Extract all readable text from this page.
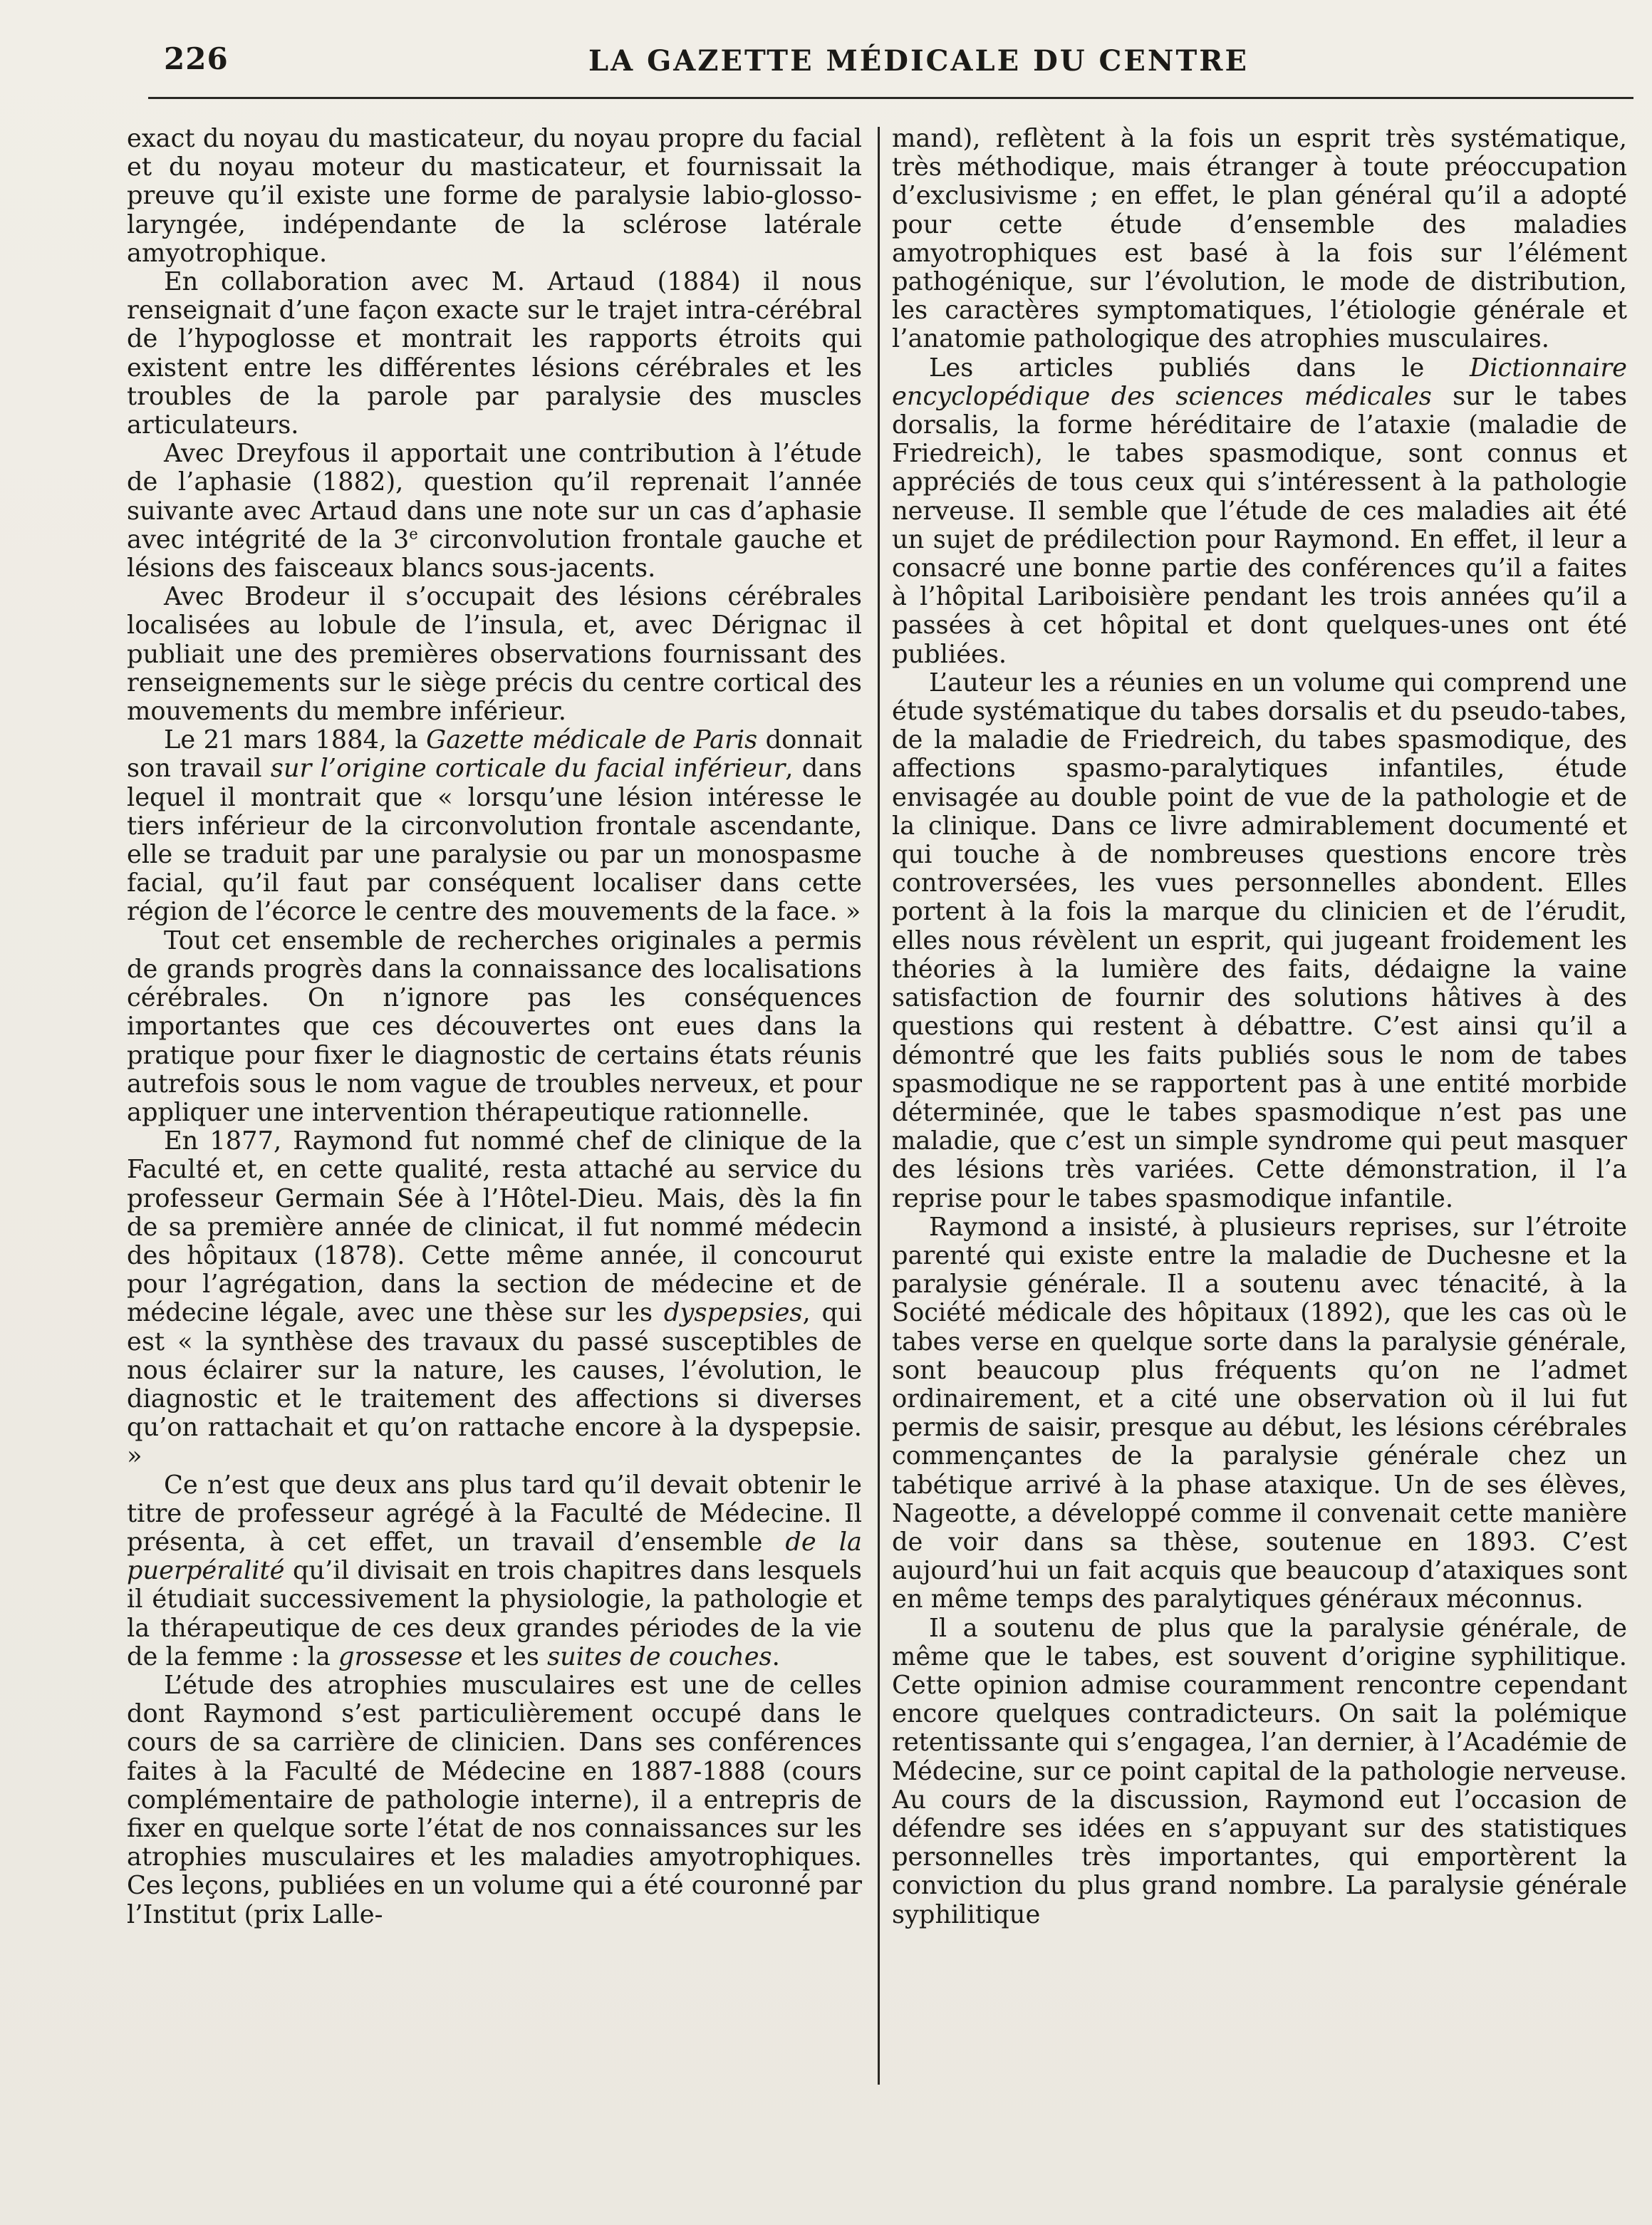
226	LA GAZETTE MÉDICALE DU CENTRE

exact du noyau du masticateur, du noyau propre du facial et du noyau moteur du masticateur, et fournissait la preuve qu’il existe une forme de paralysie labio-glosso-laryngée, indépendante de la sclérose latérale amyotrophique.

En collaboration avec M. Artaud (1884) il nous renseignait d’une façon exacte sur le trajet intra-cérébral de l’hypoglosse et montrait les rapports étroits qui existent entre les différentes lésions cérébrales et les troubles de la parole par paralysie des muscles articulateurs.

Avec Dreyfous il apportait une contribution à l’étude de l’aphasie (1882), question qu’il reprenait l’année suivante avec Artaud dans une note sur un cas d’aphasie avec intégrité de la 3e circonvolution frontale gauche et lésions des faisceaux blancs sous-jacents.

Avec Brodeur il s’occupait des lésions cérébrales localisées au lobule de l’insula, et, avec Dérignac il publiait une des premières observations fournissant des renseignements sur le siège précis du centre cortical des mouvements du membre inférieur.

Le 21 mars 1884, la Gazette médicale de Paris donnait son travail sur l’origine corticale du facial inférieur, dans lequel il montrait que « lorsqu’une lésion intéresse le tiers inférieur de la circonvolution frontale ascendante, elle se traduit par une paralysie ou par un monospasme facial, qu’il faut par conséquent localiser dans cette région de l’écorce le centre des mouvements de la face. »

Tout cet ensemble de recherches originales a permis de grands progrès dans la connaissance des localisations cérébrales. On n’ignore pas les conséquences importantes que ces découvertes ont eues dans la pratique pour fixer le diagnostic de certains états réunis autrefois sous le nom vague de troubles nerveux, et pour appliquer une intervention thérapeutique rationnelle.

En 1877, Raymond fut nommé chef de clinique de la Faculté et, en cette qualité, resta attaché au service du professeur Germain Sée à l’Hôtel-Dieu. Mais, dès la fin de sa première année de clinicat, il fut nommé médecin des hôpitaux (1878). Cette même année, il concourut pour l’agrégation, dans la section de médecine et de médecine légale, avec une thèse sur les dyspepsies, qui est « la synthèse des travaux du passé susceptibles de nous éclairer sur la nature, les causes, l’évolution, le diagnostic et le traitement des affections si diverses qu’on rattachait et qu’on rattache encore à la dyspepsie. »

Ce n’est que deux ans plus tard qu’il devait obtenir le titre de professeur agrégé à la Faculté de Médecine. Il présenta, à cet effet, un travail d’ensemble de la puerpéralité qu’il divisait en trois chapitres dans lesquels il étudiait successivement la physiologie, la pathologie et la thérapeutique de ces deux grandes périodes de la vie de la femme : la grossesse et les suites de couches.

L’étude des atrophies musculaires est une de celles dont Raymond s’est particulièrement occupé dans le cours de sa carrière de clinicien. Dans ses conférences faites à la Faculté de Médecine en 1887-1888 (cours complémentaire de pathologie interne), il a entrepris de fixer en quelque sorte l’état de nos connaissances sur les atrophies musculaires et les maladies amyotrophiques. Ces leçons, publiées en un volume qui a été couronné par l’Institut (prix Lalle-

mand), reflètent à la fois un esprit très systématique, très méthodique, mais étranger à toute préoccupation d’exclusivisme ; en effet, le plan général qu’il a adopté pour cette étude d’ensemble des maladies amyotrophiques est basé à la fois sur l’élément pathogénique, sur l’évolution, le mode de distribution, les caractères symptomatiques, l’étiologie générale et l’anatomie pathologique des atrophies musculaires.

Les articles publiés dans le Dictionnaire encyclopédique des sciences médicales sur le tabes dorsalis, la forme héréditaire de l’ataxie (maladie de Friedreich), le tabes spasmodique, sont connus et appréciés de tous ceux qui s’intéressent à la pathologie nerveuse. Il semble que l’étude de ces maladies ait été un sujet de prédilection pour Raymond. En effet, il leur a consacré une bonne partie des conférences qu’il a faites à l’hôpital Lariboisière pendant les trois années qu’il a passées à cet hôpital et dont quelques-unes ont été publiées.

L’auteur les a réunies en un volume qui comprend une étude systématique du tabes dorsalis et du pseudo-tabes, de la maladie de Friedreich, du tabes spasmodique, des affections spasmo-paralytiques infantiles, étude envisagée au double point de vue de la pathologie et de la clinique. Dans ce livre admirablement documenté et qui touche à de nombreuses questions encore très controversées, les vues personnelles abondent. Elles portent à la fois la marque du clinicien et de l’érudit, elles nous révèlent un esprit, qui jugeant froidement les théories à la lumière des faits, dédaigne la vaine satisfaction de fournir des solutions hâtives à des questions qui restent à débattre. C’est ainsi qu’il a démontré que les faits publiés sous le nom de tabes spasmodique ne se rapportent pas à une entité morbide déterminée, que le tabes spasmodique n’est pas une maladie, que c’est un simple syndrome qui peut masquer des lésions très variées. Cette démonstration, il l’a reprise pour le tabes spasmodique infantile.

Raymond a insisté, à plusieurs reprises, sur l’étroite parenté qui existe entre la maladie de Duchesne et la paralysie générale. Il a soutenu avec ténacité, à la Société médicale des hôpitaux (1892), que les cas où le tabes verse en quelque sorte dans la paralysie générale, sont beaucoup plus fréquents qu’on ne l’admet ordinairement, et a cité une observation où il lui fut permis de saisir, presque au début, les lésions cérébrales commençantes de la paralysie générale chez un tabétique arrivé à la phase ataxique. Un de ses élèves, Nageotte, a développé comme il convenait cette manière de voir dans sa thèse, soutenue en 1893. C’est aujourd’hui un fait acquis que beaucoup d’ataxiques sont en même temps des paralytiques généraux méconnus.

Il a soutenu de plus que la paralysie générale, de même que le tabes, est souvent d’origine syphilitique. Cette opinion admise couramment rencontre cependant encore quelques contradicteurs. On sait la polémique retentissante qui s’engagea, l’an dernier, à l’Académie de Médecine, sur ce point capital de la pathologie nerveuse. Au cours de la discussion, Raymond eut l’occasion de défendre ses idées en s’appuyant sur des statistiques personnelles très importantes, qui emportèrent la conviction du plus grand nombre. La paralysie générale syphilitique
